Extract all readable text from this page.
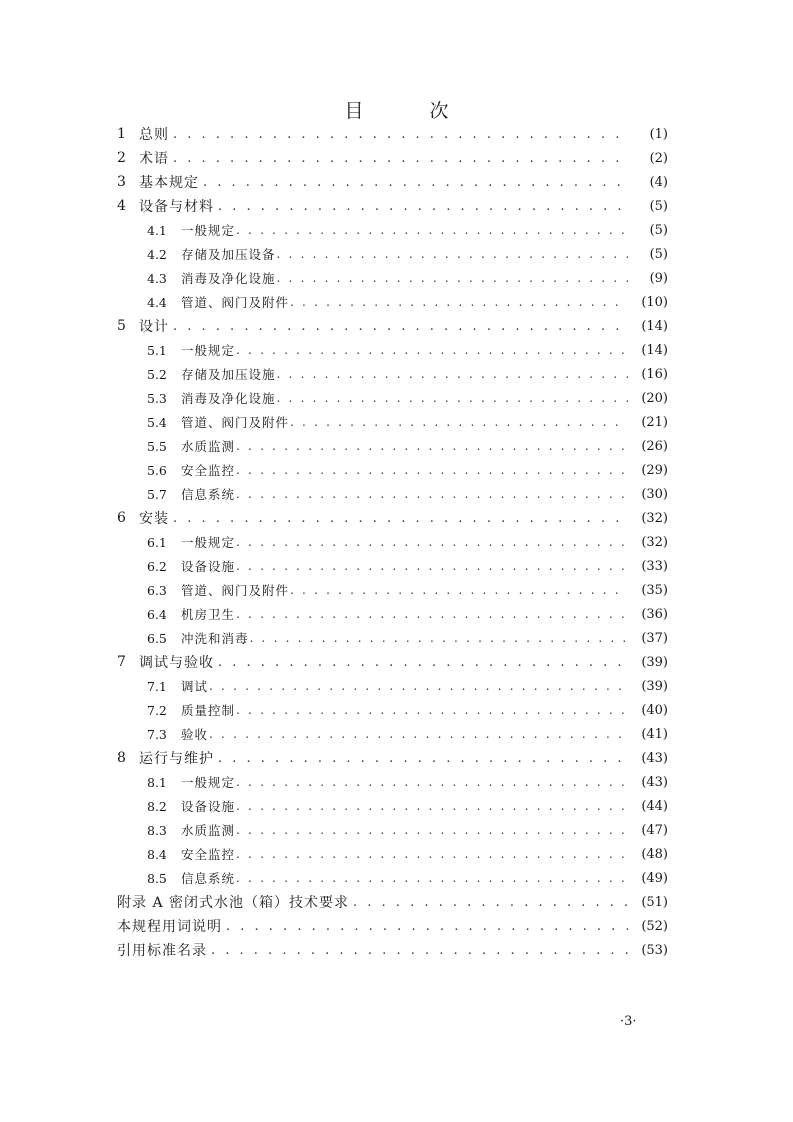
目 次
1 总则 . . .	(1)
2 术语 . . .	(2)
3 基本规定 . . .	(4)
4 设备与材料 . . .	(5)
4.1	一般规定 . . .	(5)
4.2	存储及加压设备 . . .	(5)
4.3	消毒及净化设施 . . .	(9)
4.4	管道、阀门及附件 . . .	(10)
5 设计 . . .	(14)
5.1	一般规定 . . .	(14)
5.2	存储及加压设施 . . .	(16)
5.3	消毒及净化设施 . . .	(20)
5.4	管道、阀门及附件 . . .	(21)
5.5	水质监测 . . .	(26)
5.6	安全监控 . . .	(29)
5.7	信息系统 . . .	(30)
6 安装 . . .	(32)
6.1	一般规定 . . .	(32)
6.2	设备设施 . . .	(33)
6.3	管道、阀门及附件 . . .	(35)
6.4	机房卫生 . . .	(36)
6.5	冲洗和消毒 . . .	(37)
7 调试与验收 . . .	(39)
7.1	调试 . . .	(39)
7.2	质量控制 . . .	(40)
7.3	验收 . . .	(41)
8 运行与维护 . . .	(43)
8.1	一般规定 . . .	(43)
8.2	设备设施 . . .	(44)
8.3	水质监测 . . .	(47)
8.4	安全监控 . . .	(48)
8.5	信息系统 . . .	(49)
附录 A 密闭式水池（箱）技术要求 . . .	(51)
本规程用词说明 . . .	(52)
引用标准名录 . . .	(53)
·3·
